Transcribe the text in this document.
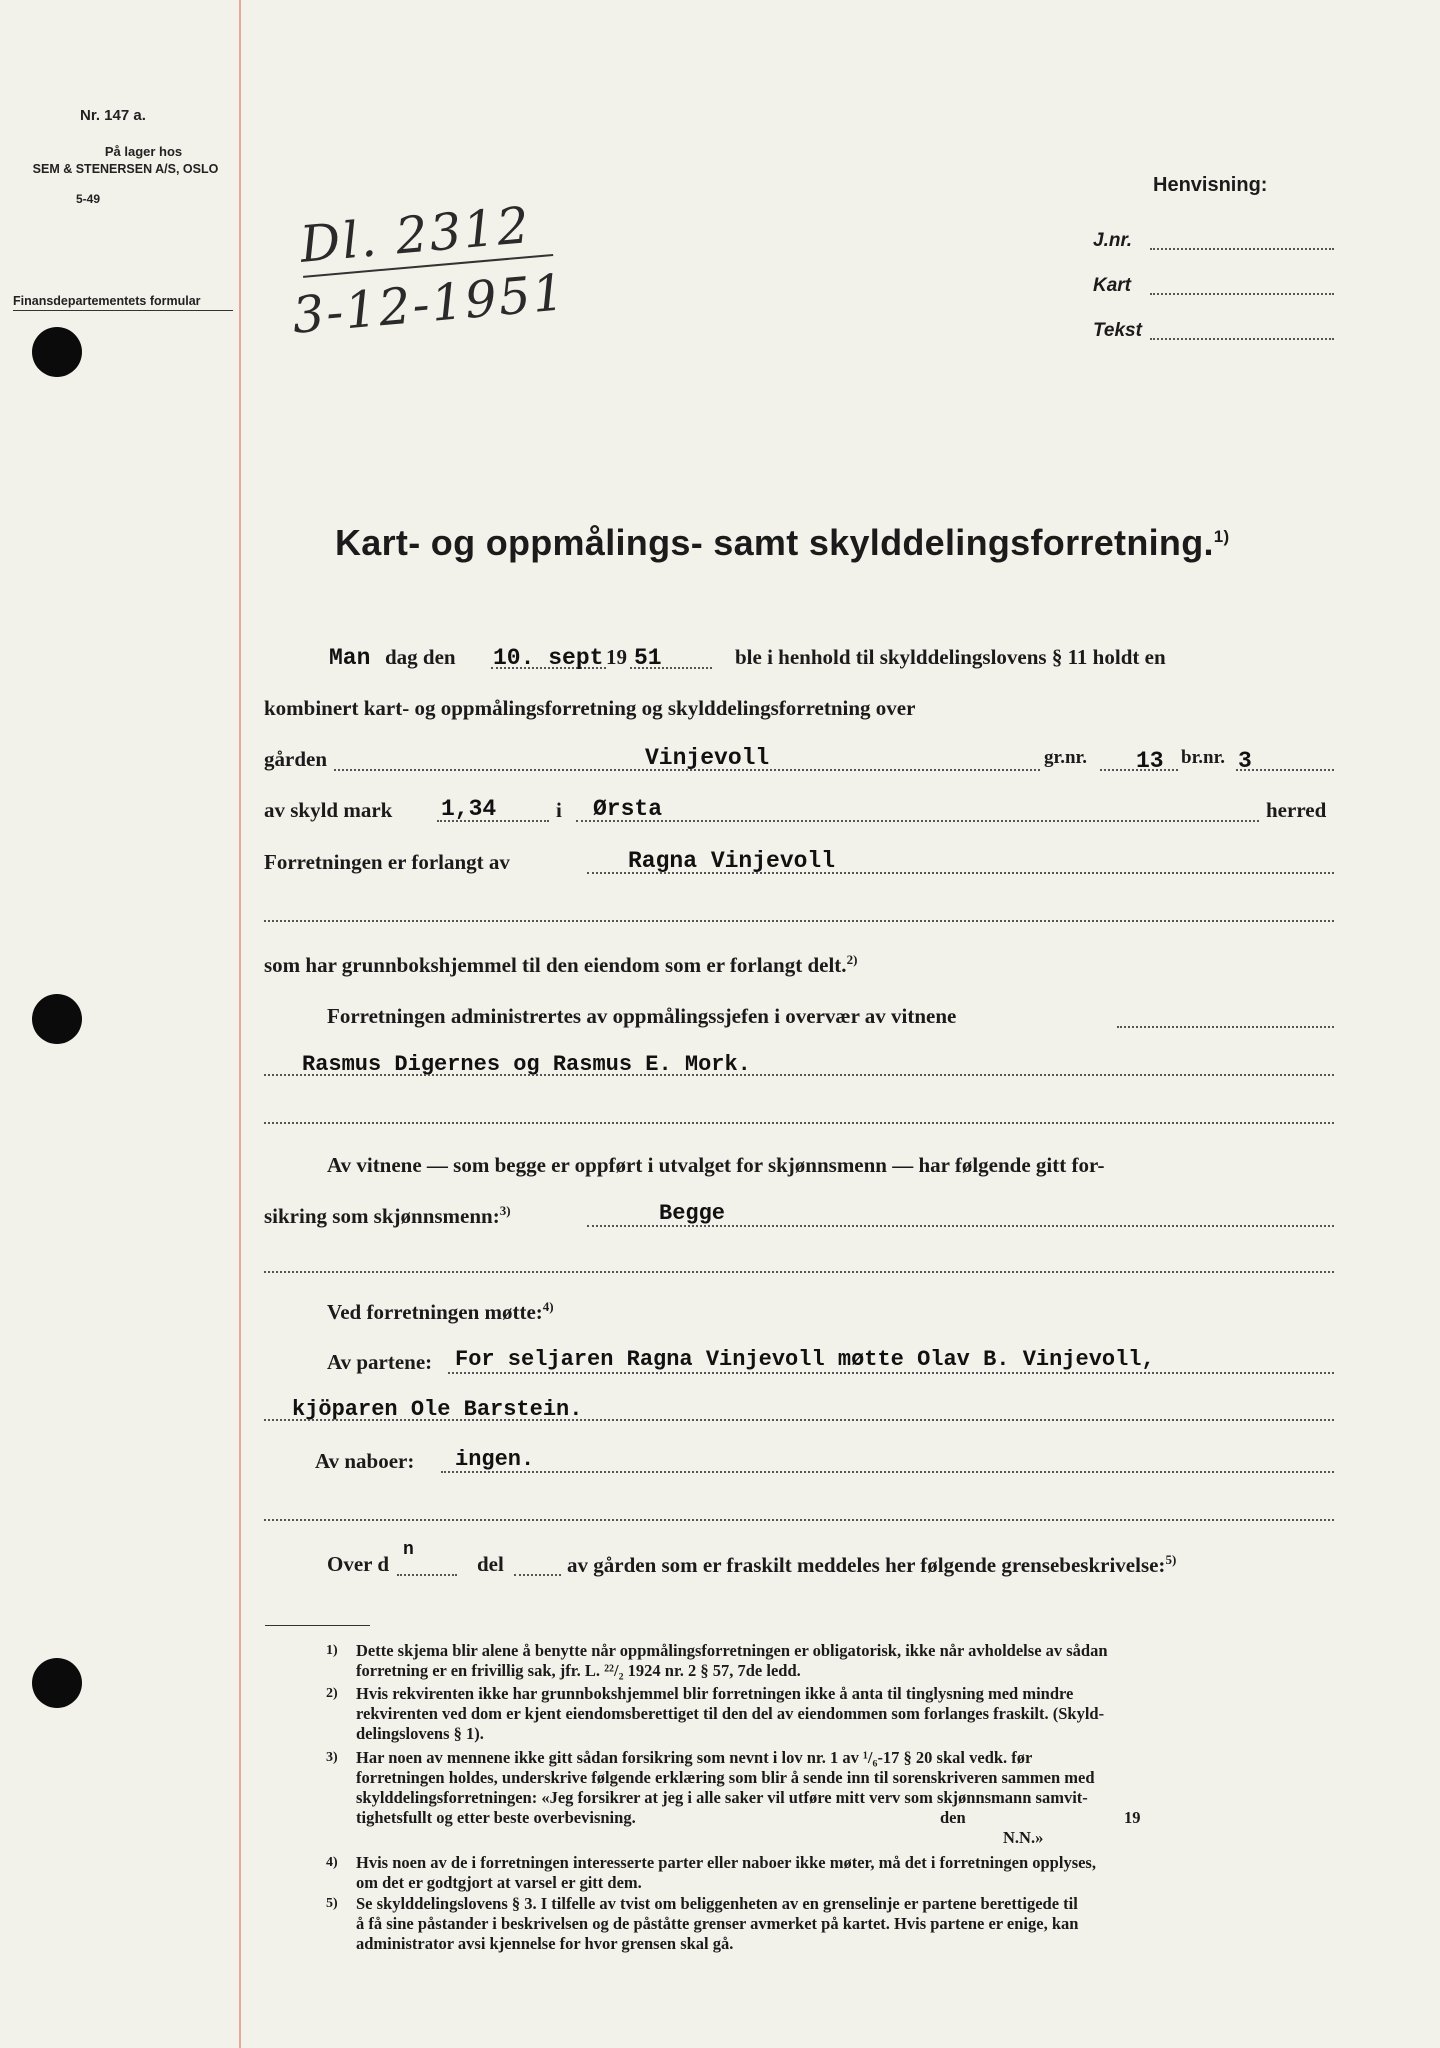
Nr. 147 a.
På lager hos
SEM & STENERSEN A/S, OSLO
5-49
Finansdepartementets formular
Dl. 2312
3-12-1951
Henvisning:
J.nr.
Kart
Tekst
Kart- og oppmålings- samt skylddelingsforretning.$^{1)}$
Man dag den 10. sept 19 51	ble i henhold til skylddelingslovens § 11 holdt en
kombinert kart- og oppmålingsforretning og skylddelingsforretning over
gården	Vinjevoll	gr.nr. 13 br.nr. 3
av skyld mark 1,34	i Ørsta	herred
Forretningen er forlangt av	Ragna Vinjevoll
som har grunnbokshjemmel til den eiendom som er forlangt delt.$^{2)}$
Forretningen administrertes av oppmålingssjefen i overvær av vitnene
Rasmus Digernes og Rasmus E. Mork.
Av vitnene — som begge er oppført i utvalget for skjønnsmenn — har følgende gitt for-
sikring som skjønnsmenn:$^{3)}$	Begge
Ved forretningen møtte:$^{4)}$
Av partene: For seljaren Ragna Vinjevoll møtte Olav B. Vinjevoll,
kjöparen Ole Barstein.
Av naboer: ingen.
Over d
n
del	av gården som er fraskilt meddeles her følgende grensebeskrivelse:$^{5)}$
1) Dette skjema blir alene å benytte når oppmålingsforretningen er obligatorisk, ikke når avholdelse av sådan
forretning er en frivillig sak, jfr. L. ²²/₂ 1924 nr. 2 § 57, 7de ledd.
2) Hvis rekvirenten ikke har grunnbokshjemmel blir forretningen ikke å anta til tinglysning med mindre
rekvirenten ved dom er kjent eiendomsberettiget til den del av eiendommen som forlanges fraskilt. (Skyld-
delingslovens § 1).
3) Har noen av mennene ikke gitt sådan forsikring som nevnt i lov nr. 1 av ¹/₆-17 § 20 skal vedk. før
forretningen holdes, underskrive følgende erklæring som blir å sende inn til sorenskriveren sammen med
skylddelingsforretningen: «Jeg forsikrer at jeg i alle saker vil utføre mitt verv som skjønnsmann samvit-
tighetsfullt og etter beste overbevisning.	den	19
N.N.»
4) Hvis noen av de i forretningen interesserte parter eller naboer ikke møter, må det i forretningen opplyses,
om det er godtgjort at varsel er gitt dem.
5) Se skylddelingslovens § 3. I tilfelle av tvist om beliggenheten av en grenselinje er partene berettigede til
å få sine påstander i beskrivelsen og de påståtte grenser avmerket på kartet. Hvis partene er enige, kan
administrator avsi kjennelse for hvor grensen skal gå.
